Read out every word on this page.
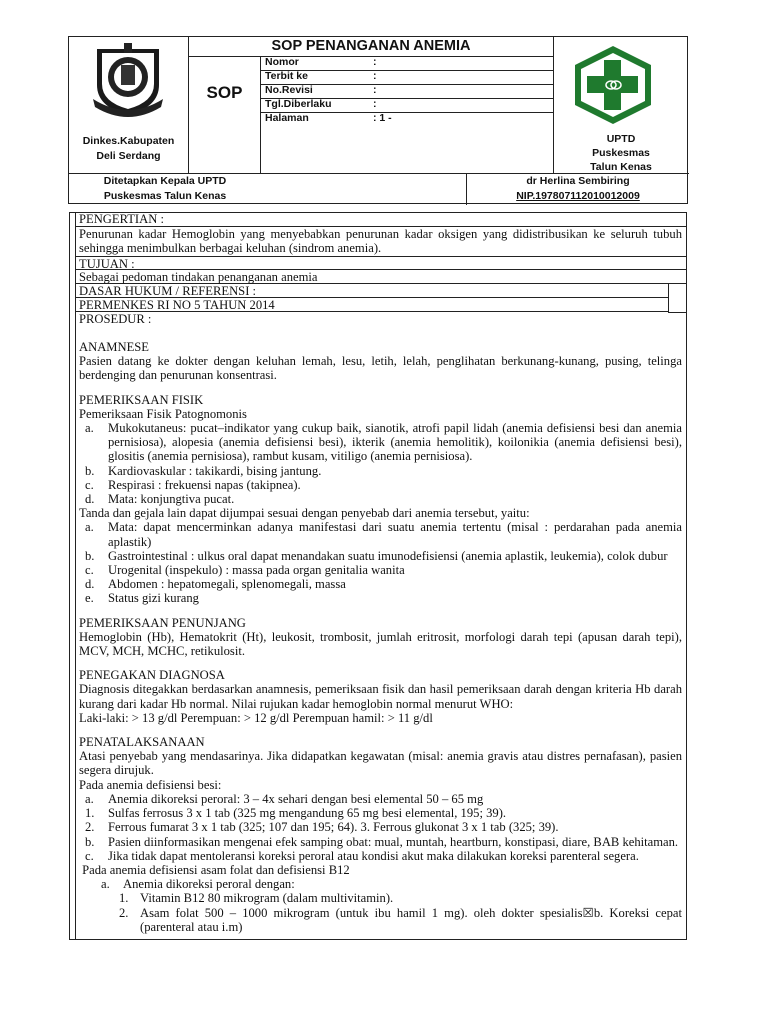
Dinkes.Kabupaten
Deli Serdang
SOP PENANGANAN ANEMIA
SOP
Nomor	:
Terbit ke	:
No.Revisi	:
Tgl.Diberlaku	:
Halaman	: 1 -
UPTD
Puskesmas
Talun Kenas
Ditetapkan Kepala UPTD
Puskesmas Talun Kenas
dr Herlina Sembiring
NIP.197807112010012009
PENGERTIAN :
Penurunan kadar Hemoglobin yang menyebabkan penurunan kadar oksigen yang didistribusikan ke seluruh tubuh sehingga menimbulkan berbagai keluhan (sindrom anemia).
TUJUAN :
Sebagai pedoman tindakan penanganan anemia
DASAR HUKUM / REFERENSI :
PERMENKES RI NO 5 TAHUN 2014
PROSEDUR :

ANAMNESE

Pasien datang ke dokter dengan keluhan lemah, lesu, letih, lelah, penglihatan berkunang-kunang, pusing, telinga berdenging dan penurunan konsentrasi.

PEMERIKSAAN FISIK

Pemeriksaan Fisik Patognomonis

a. Mukokutaneus: pucat–indikator yang cukup baik, sianotik, atrofi papil lidah (anemia defisiensi besi dan anemia pernisiosa), alopesia (anemia defisiensi besi), ikterik (anemia hemolitik), koilonikia (anemia defisiensi besi), glositis (anemia pernisiosa), rambut kusam, vitiligo (anemia pernisiosa).
b. Kardiovaskular : takikardi, bising jantung.
c. Respirasi : frekuensi napas (takipnea).
d. Mata: konjungtiva pucat.

Tanda dan gejala lain dapat dijumpai sesuai dengan penyebab dari anemia tersebut, yaitu:

a. Mata: dapat mencerminkan adanya manifestasi dari suatu anemia tertentu (misal : perdarahan pada anemia aplastik)
b. Gastrointestinal : ulkus oral dapat menandakan suatu imunodefisiensi (anemia aplastik, leukemia), colok dubur
c. Urogenital (inspekulo) : massa pada organ genitalia wanita
d. Abdomen : hepatomegali, splenomegali, massa
e. Status gizi kurang

PEMERIKSAAN PENUNJANG

Hemoglobin (Hb), Hematokrit (Ht), leukosit, trombosit, jumlah eritrosit, morfologi darah tepi (apusan darah tepi), MCV, MCH, MCHC, retikulosit.

PENEGAKAN DIAGNOSA

Diagnosis ditegakkan berdasarkan anamnesis, pemeriksaan fisik dan hasil pemeriksaan darah dengan kriteria Hb darah kurang dari kadar Hb normal. Nilai rujukan kadar hemoglobin normal menurut WHO:

Laki-laki: > 13 g/dl Perempuan: > 12 g/dl Perempuan hamil: > 11 g/dl

PENATALAKSANAAN

Atasi penyebab yang mendasarinya. Jika didapatkan kegawatan (misal: anemia gravis atau distres pernafasan), pasien segera dirujuk.

Pada anemia defisiensi besi:

a. Anemia dikoreksi peroral: 3 – 4x sehari dengan besi elemental 50 – 65 mg
1. Sulfas ferrosus 3 x 1 tab (325 mg mengandung 65 mg besi elemental, 195; 39).
2. Ferrous fumarat 3 x 1 tab (325; 107 dan 195; 64). 3. Ferrous glukonat 3 x 1 tab (325; 39).
b. Pasien diinformasikan mengenai efek samping obat: mual, muntah, heartburn, konstipasi, diare, BAB kehitaman.
c. Jika tidak dapat mentoleransi koreksi peroral atau kondisi akut maka dilakukan koreksi parenteral segera.

Pada anemia defisiensi asam folat dan defisiensi B12

a. Anemia dikoreksi peroral dengan:
1. Vitamin B12 80 mikrogram (dalam multivitamin).
2. Asam folat 500 – 1000 mikrogram (untuk ibu hamil 1 mg). oleh dokter spesialis☒b. Koreksi cepat (parenteral atau i.m)
